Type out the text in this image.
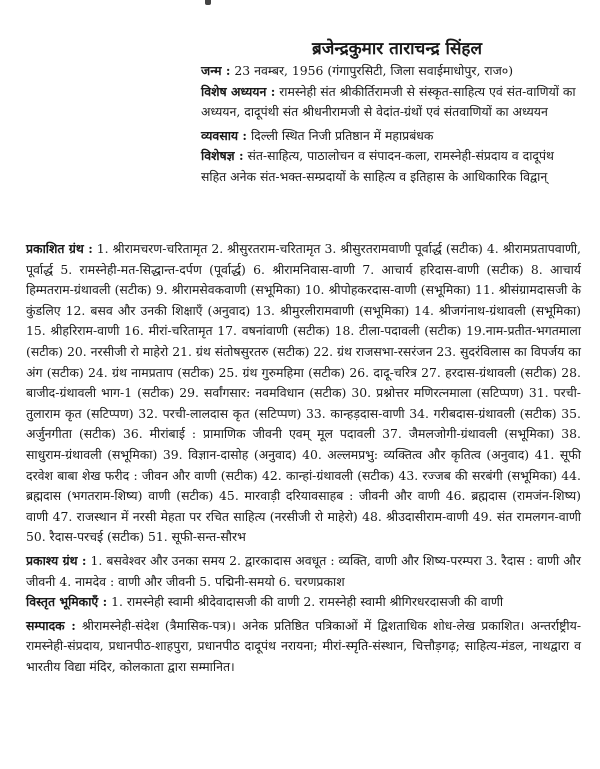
ब्रजेन्द्रकुमार ताराचन्द्र सिंहल

जन्म : 23 नवम्बर, 1956 (गंगापुरसिटी, जिला सवाईमाधोपुर, राज०)

विशेष अध्ययन : रामस्नेही संत श्रीकीर्तिरामजी से संस्कृत-साहित्य एवं संत-वाणियों का अध्ययन, दादूपंथी संत श्रीधनीरामजी से वेदांत-ग्रंथों एवं संतवाणियों का अध्ययन

व्यवसाय : दिल्ली स्थित निजी प्रतिष्ठान में महाप्रबंधक

विशेषज्ञ : संत-साहित्य, पाठालोचन व संपादन-कला, रामस्नेही-संप्रदाय व दादूपंथ सहित अनेक संत-भक्त-सम्प्रदायों के साहित्य व इतिहास के आधिकारिक विद्वान्

प्रकाशित ग्रंथ : 1. श्रीरामचरण-चरितामृत 2. श्रीसुरतराम-चरितामृत 3. श्रीसुरतरामवाणी पूर्वार्द्ध (सटीक) 4. श्रीरामप्रतापवाणी, पूर्वार्द्ध 5. रामस्नेही-मत-सिद्धान्त-दर्पण (पूर्वार्द्ध) 6. श्रीरामनिवास-वाणी 7. आचार्य हरिदास-वाणी (सटीक) 8. आचार्य हिम्मतराम-ग्रंथावली (सटीक) 9. श्रीरामसेवकवाणी (सभूमिका) 10. श्रीपोहकरदास-वाणी (सभूमिका) 11. श्रीसंग्रामदासजी के कुंडलिए 12. बसव और उनकी शिक्षाएँ (अनुवाद) 13. श्रीमुरलीरामवाणी (सभूमिका) 14. श्रीजगंनाथ-ग्रंथावली (सभूमिका) 15. श्रीहरिराम-वाणी 16. मीरां-चरितामृत 17. वषनांवाणी (सटीक) 18. टीला-पदावली (सटीक) 19.नाम-प्रतीत-भगतमाला (सटीक) 20. नरसीजी रो माहेरो 21. ग्रंथ संतोषसुरतरु (सटीक) 22. ग्रंथ राजसभा-रसरंजन 23. सुदरंविलास का विपर्जय का अंग (सटीक) 24. ग्रंथ नामप्रताप (सटीक) 25. ग्रंथ गुरुमहिमा (सटीक) 26. दादू-चरित्र 27. हरदास-ग्रंथावली (सटीक) 28. बाजीद-ग्रंथावली भाग-1 (सटीक) 29. सर्वांगसार: नवमविधान (सटीक) 30. प्रश्नोत्तर मणिरत्नमाला (सटिप्पण) 31. परची-तुलाराम कृत (सटिप्पण) 32. परची-लालदास कृत (सटिप्पण) 33. कान्हड़दास-वाणी 34. गरीबदास-ग्रंथावली (सटीक) 35. अर्जुनगीता (सटीक) 36. मीरांबाई : प्रामाणिक जीवनी एवम् मूल पदावली 37. जैमलजोगी-ग्रंथावली (सभूमिका) 38. साधुराम-ग्रंथावली (सभूमिका) 39. विज्ञान-दासोह (अनुवाद) 40. अल्लमप्रभु: व्यक्तित्व और कृतित्व (अनुवाद) 41. सूफी दरवेश बाबा शेख फरीद : जीवन और वाणी (सटीक) 42. कान्हां-ग्रंथावली (सटीक) 43. रज्जब की सरबंगी (सभूमिका) 44. ब्रह्मदास (भगतराम-शिष्य) वाणी (सटीक) 45. मारवाड़ी दरियावसाहब : जीवनी और वाणी 46. ब्रह्मदास (रामजंन-शिष्य) वाणी 47. राजस्थान में नरसी मेहता पर रचित साहित्य (नरसीजी रो माहेरो) 48. श्रीउदासीराम-वाणी 49. संत रामलगन-वाणी 50. रैदास-परचई (सटीक) 51. सूफी-सन्त-सौरभ

प्रकाश्य ग्रंथ : 1. बसवेश्वर और उनका समय 2. द्वारकादास अवधूत : व्यक्ति, वाणी और शिष्य-परम्परा 3. रैदास : वाणी और जीवनी 4. नामदेव : वाणी और जीवनी 5. पद्मिनी-समयो 6. चरणप्रकाश

विस्तृत भूमिकाएँ : 1. रामस्नेही स्वामी श्रीदेवादासजी की वाणी 2. रामस्नेही स्वामी श्रीगिरधरदासजी की वाणी

सम्पादक : श्रीरामस्नेही-संदेश (त्रैमासिक-पत्र)। अनेक प्रतिष्ठित पत्रिकाओं में द्विशताधिक शोध-लेख प्रकाशित। अन्तर्राष्ट्रीय-रामस्नेही-संप्रदाय, प्रधानपीठ-शाहपुरा, प्रधानपीठ दादूपंथ नरायना; मीरां-स्मृति-संस्थान, चित्तौड़गढ़; साहित्य-मंडल, नाथद्वारा व भारतीय विद्या मंदिर, कोलकाता द्वारा सम्मानित।
